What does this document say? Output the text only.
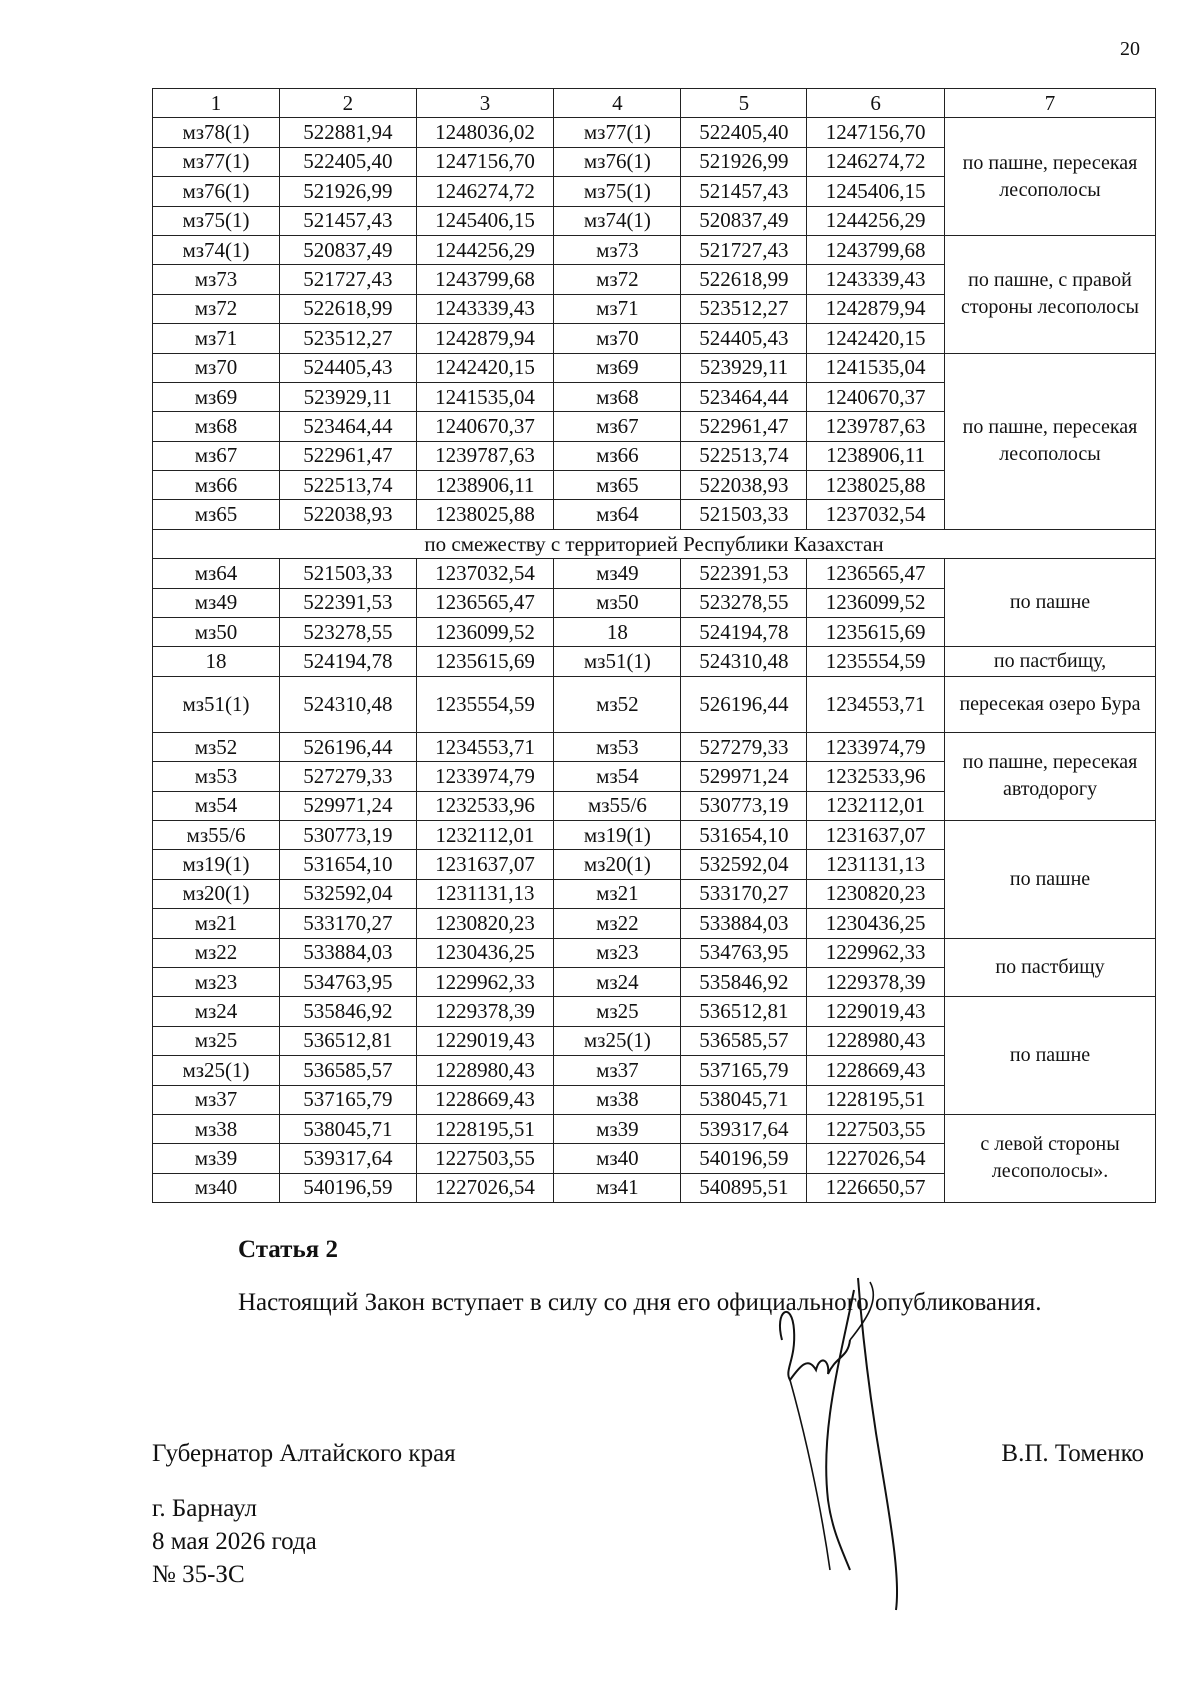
20
1	2	3	4	5	6	7
мз78(1)	522881,94	1248036,02	мз77(1)	522405,40	1247156,70	по пашне, пересекая лесополосы
мз77(1)	522405,40	1247156,70	мз76(1)	521926,99	1246274,72	
мз76(1)	521926,99	1246274,72	мз75(1)	521457,43	1245406,15	
мз75(1)	521457,43	1245406,15	мз74(1)	520837,49	1244256,29	
мз74(1)	520837,49	1244256,29	мз73	521727,43	1243799,68	по пашне, с правой стороны лесополосы
мз73	521727,43	1243799,68	мз72	522618,99	1243339,43	
мз72	522618,99	1243339,43	мз71	523512,27	1242879,94	
мз71	523512,27	1242879,94	мз70	524405,43	1242420,15	
мз70	524405,43	1242420,15	мз69	523929,11	1241535,04	по пашне, пересекая лесополосы
мз69	523929,11	1241535,04	мз68	523464,44	1240670,37	
мз68	523464,44	1240670,37	мз67	522961,47	1239787,63	
мз67	522961,47	1239787,63	мз66	522513,74	1238906,11	
мз66	522513,74	1238906,11	мз65	522038,93	1238025,88	
мз65	522038,93	1238025,88	мз64	521503,33	1237032,54	
по смежеству с территорией Республики Казахстан						
мз64	521503,33	1237032,54	мз49	522391,53	1236565,47	по пашне
мз49	522391,53	1236565,47	мз50	523278,55	1236099,52	
мз50	523278,55	1236099,52	18	524194,78	1235615,69	
18	524194,78	1235615,69	мз51(1)	524310,48	1235554,59	по пастбищу,
мз51(1)	524310,48	1235554,59	мз52	526196,44	1234553,71	пересекая озеро Бура
мз52	526196,44	1234553,71	мз53	527279,33	1233974,79	по пашне, пересекая автодорогу
мз53	527279,33	1233974,79	мз54	529971,24	1232533,96	
мз54	529971,24	1232533,96	мз55/6	530773,19	1232112,01	
мз55/6	530773,19	1232112,01	мз19(1)	531654,10	1231637,07	по пашне
мз19(1)	531654,10	1231637,07	мз20(1)	532592,04	1231131,13	
мз20(1)	532592,04	1231131,13	мз21	533170,27	1230820,23	
мз21	533170,27	1230820,23	мз22	533884,03	1230436,25	
мз22	533884,03	1230436,25	мз23	534763,95	1229962,33	по пастбищу
мз23	534763,95	1229962,33	мз24	535846,92	1229378,39	
мз24	535846,92	1229378,39	мз25	536512,81	1229019,43	по пашне
мз25	536512,81	1229019,43	мз25(1)	536585,57	1228980,43	
мз25(1)	536585,57	1228980,43	мз37	537165,79	1228669,43	
мз37	537165,79	1228669,43	мз38	538045,71	1228195,51	
мз38	538045,71	1228195,51	мз39	539317,64	1227503,55	с левой стороны лесополосы».
мз39	539317,64	1227503,55	мз40	540196,59	1227026,54	
мз40	540196,59	1227026,54	мз41	540895,51	1226650,57	
Статья 2
Настоящий Закон вступает в силу со дня его официального опубликования.
Губернатор Алтайского края	В.П. Томенко
г. Барнаул
8 мая 2026 года
№ 35-ЗС
